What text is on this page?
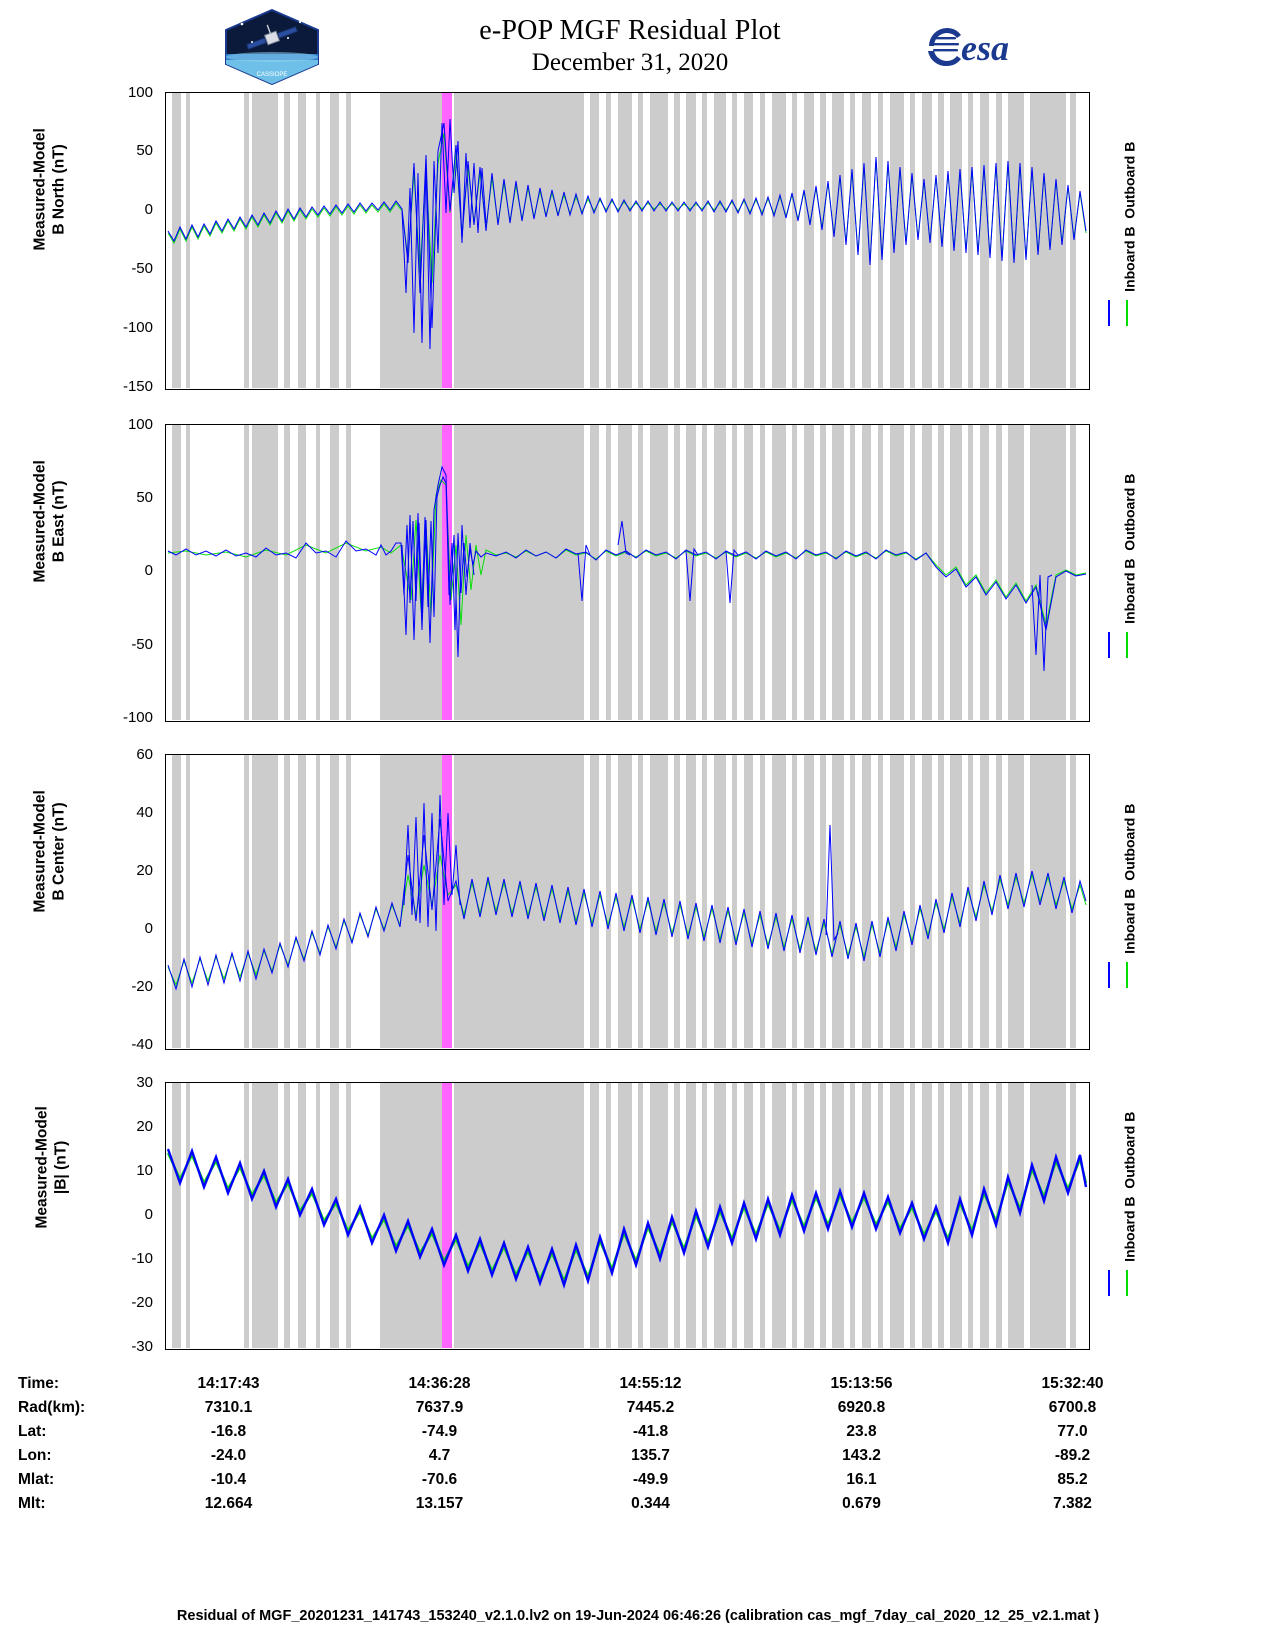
CASSIOPE
e-POP MGF Residual Plot
December 31, 2020	esa
Measured-Model B North (nT)
100
50
0
-50
-100
-150
Inboard B  Outboard B
Measured-Model B East (nT)
100
50
0
-50
-100
Inboard B  Outboard B
Measured-Model B Center (nT)
60
40
20
0
-20
-40
Inboard B  Outboard B
Measured-Model |B| (nT)
30
20
10
0
-10
-20
-30
Inboard B  Outboard B
Time:	14:17:43	14:36:28	14:55:12	15:13:56	15:32:40
Rad(km):	7310.1	7637.9	7445.2	6920.8	6700.8
Lat:	-16.8	-74.9	-41.8	23.8	77.0
Lon:	-24.0	4.7	135.7	143.2	-89.2
Mlat:	-10.4	-70.6	-49.9	16.1	85.2
Mlt:	12.664	13.157	0.344	0.679	7.382
Residual of MGF_20201231_141743_153240_v2.1.0.lv2 on 19-Jun-2024 06:46:26 (calibration cas_mgf_7day_cal_2020_12_25_v2.1.mat )
